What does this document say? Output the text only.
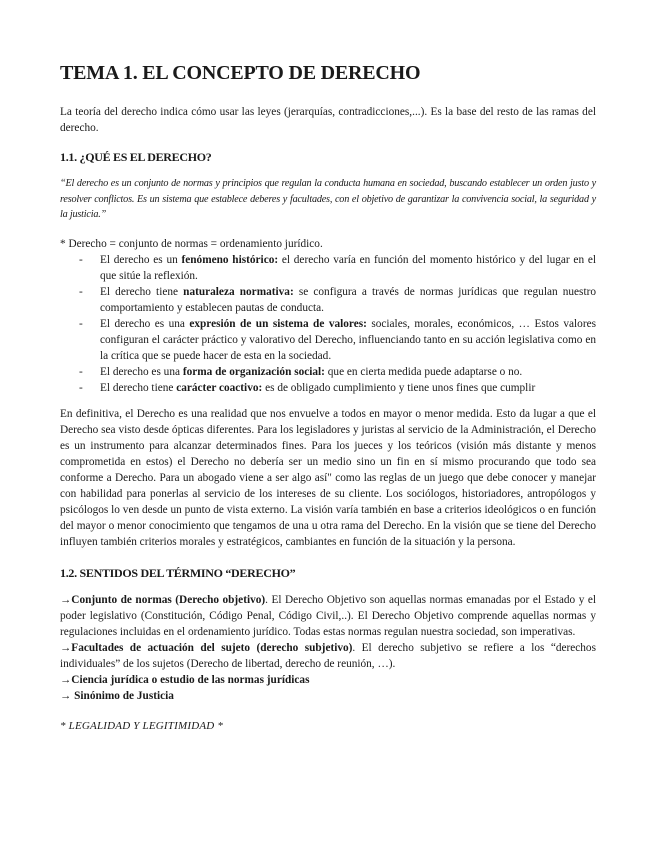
TEMA 1. EL CONCEPTO DE DERECHO

La teoría del derecho indica cómo usar las leyes (jerarquías, contradicciones,...). Es la base del resto de las ramas del derecho.

1.1. ¿QUÉ ES EL DERECHO?

“El derecho es un conjunto de normas y principios que regulan la conducta humana en sociedad, buscando establecer un orden justo y resolver conflictos. Es un sistema que establece deberes y facultades, con el objetivo de garantizar la convivencia social, la seguridad y la justicia.”

* Derecho = conjunto de normas = ordenamiento jurídico.

- El derecho es un fenómeno histórico: el derecho varía en función del momento histórico y del lugar en el que sitúe la reflexión.
- El derecho tiene naturaleza normativa: se configura a través de normas jurídicas que regulan nuestro comportamiento y establecen pautas de conducta.
- El derecho es una expresión de un sistema de valores: sociales, morales, económicos, … Estos valores configuran el carácter práctico y valorativo del Derecho, influenciando tanto en su acción legislativa como en la crítica que se puede hacer de esta en la sociedad.
- El derecho es una forma de organización social: que en cierta medida puede adaptarse o no.
- El derecho tiene carácter coactivo: es de obligado cumplimiento y tiene unos fines que cumplir

En definitiva, el Derecho es una realidad que nos envuelve a todos en mayor o menor medida. Esto da lugar a que el Derecho sea visto desde ópticas diferentes. Para los legisladores y juristas al servicio de la Administración, el Derecho es un instrumento para alcanzar determinados fines. Para los jueces y los teóricos (visión más distante y menos comprometida en estos) el Derecho no debería ser un medio sino un fin en sí mismo procurando que todo sea conforme a Derecho. Para un abogado viene a ser algo así" como las reglas de un juego que debe conocer y manejar con habilidad para ponerlas al servicio de los intereses de su cliente. Los sociólogos, historiadores, antropólogos y psicólogos lo ven desde un punto de vista externo. La visión varía también en base a criterios ideológicos o en función del mayor o menor conocimiento que tengamos de una u otra rama del Derecho. En la visión que se tiene del Derecho influyen también criterios morales y estratégicos, cambiantes en función de la situación y la persona.

1.2. SENTIDOS DEL TÉRMINO “DERECHO”

→Conjunto de normas (Derecho objetivo). El Derecho Objetivo son aquellas normas emanadas por el Estado y el poder legislativo (Constitución, Código Penal, Código Civil,..). El Derecho Objetivo comprende aquellas normas y regulaciones incluidas en el ordenamiento jurídico. Todas estas normas regulan nuestra sociedad, son imperativas.

→Facultades de actuación del sujeto (derecho subjetivo). El derecho subjetivo se refiere a los “derechos individuales” de los sujetos (Derecho de libertad, derecho de reunión, …).

→Ciencia jurídica o estudio de las normas jurídicas

→ Sinónimo de Justicia

* LEGALIDAD Y LEGITIMIDAD *
